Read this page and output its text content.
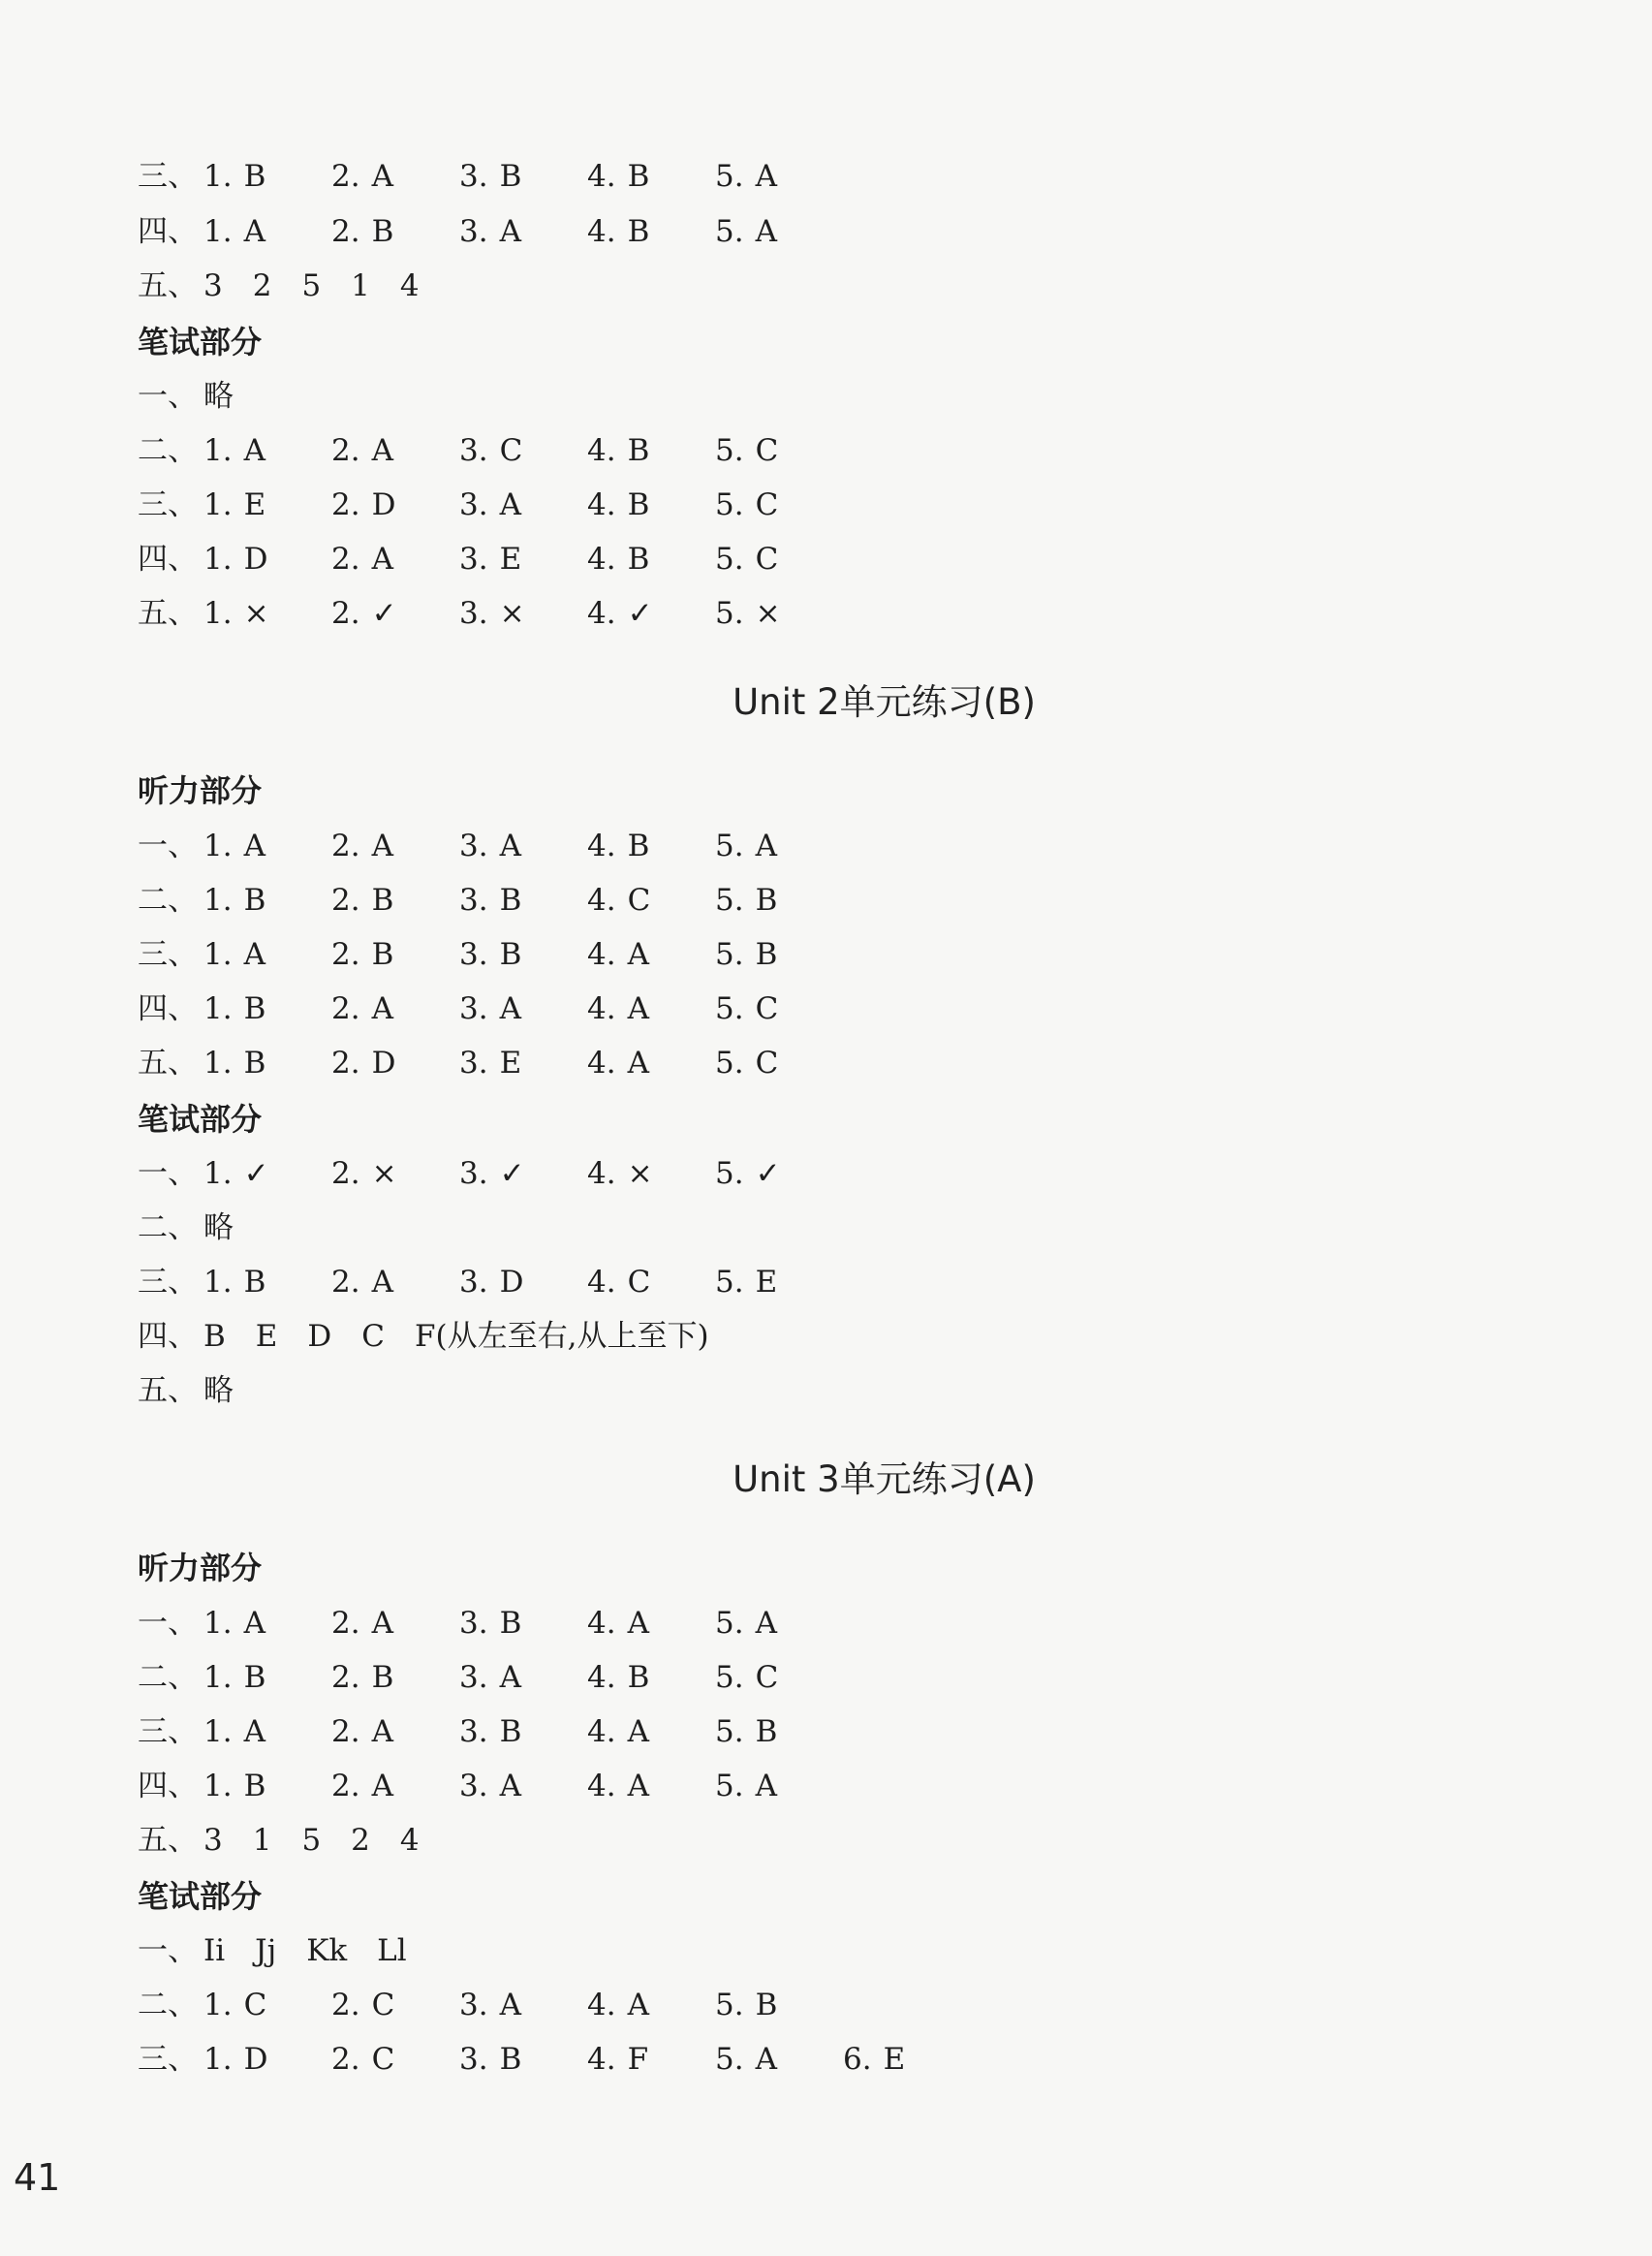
三、 1. B 2. A 3. B 4. B 5. A
四、 1. A 2. B 3. A 4. B 5. A
五、 3　2　5　1　4
笔试部分
一、 略
二、 1. A 2. A 3. C 4. B 5. C
三、 1. E 2. D 3. A 4. B 5. C
四、 1. D 2. A 3. E 4. B 5. C
五、 1. × 2. ✓ 3. × 4. ✓ 5. ×
Unit 2单元练习(B)
听力部分
一、 1. A 2. A 3. A 4. B 5. A
二、 1. B 2. B 3. B 4. C 5. B
三、 1. A 2. B 3. B 4. A 5. B
四、 1. B 2. A 3. A 4. A 5. C
五、 1. B 2. D 3. E 4. A 5. C
笔试部分
一、 1. ✓ 2. × 3. ✓ 4. × 5. ✓
二、 略
三、 1. B 2. A 3. D 4. C 5. E
四、 B　E　D　C　F(从左至右,从上至下)
五、 略
Unit 3单元练习(A)
听力部分
一、 1. A 2. A 3. B 4. A 5. A
二、 1. B 2. B 3. A 4. B 5. C
三、 1. A 2. A 3. B 4. A 5. B
四、 1. B 2. A 3. A 4. A 5. A
五、 3　1　5　2　4
笔试部分
一、 Ii　Jj　Kk　Ll
二、 1. C 2. C 3. A 4. A 5. B
三、 1. D 2. C 3. B 4. F 5. A 6. E
41
